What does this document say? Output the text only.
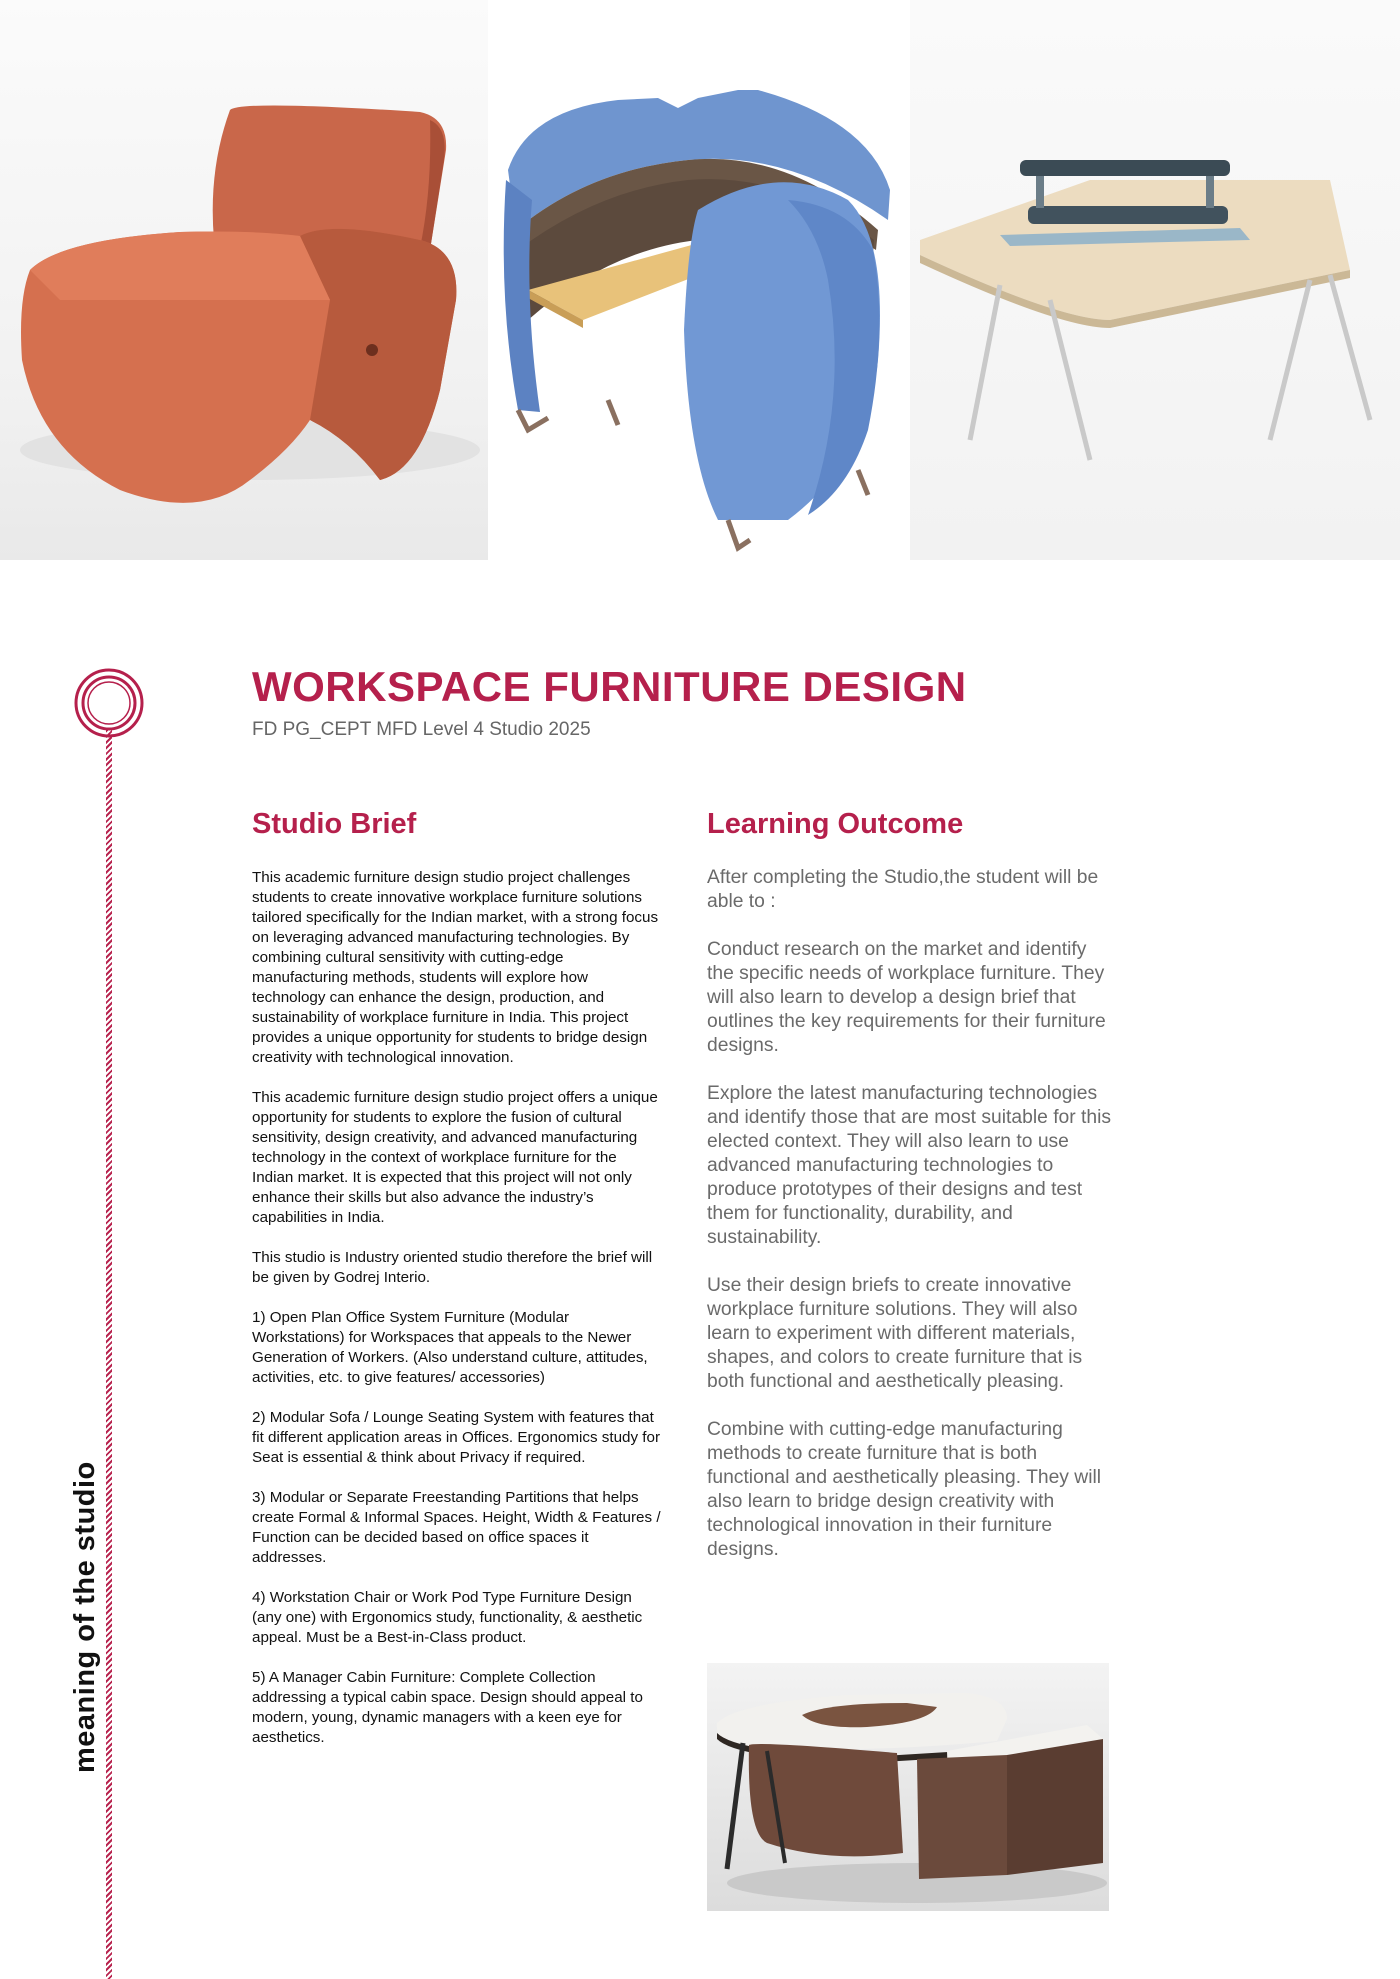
meaning of the studio
WORKSPACE FURNITURE DESIGN
FD PG_CEPT MFD Level 4 Studio 2025
Studio Brief

This academic furniture design studio project challenges students to create innovative workplace furniture solutions tailored specifically for the Indian market, with a strong focus on leveraging advanced manufacturing technologies. By combining cultural sensitivity with cutting-edge manufacturing methods, students will explore how technology can enhance the design, production, and sustainability of workplace furniture in India. This project provides a unique opportunity for students to bridge design creativity with technological innovation.

This academic furniture design studio project offers a unique opportunity for students to explore the fusion of cultural sensitivity, design creativity, and advanced manufacturing technology in the context of workplace furniture for the Indian market. It is expected that this project will not only enhance their skills but also advance the industry’s capabilities in India.

This studio is Industry oriented studio therefore the brief will be given by Godrej Interio.

1) Open Plan Office System Furniture (Modular Workstations) for Workspaces that appeals to the Newer Generation of Workers. (Also understand culture, attitudes, activities, etc. to give features/ accessories)

2) Modular Sofa / Lounge Seating System with features that fit different application areas in Offices. Ergonomics study for Seat is essential & think about Privacy if required.

3) Modular or Separate Freestanding Partitions that helps create Formal & Informal Spaces. Height, Width & Features / Function can be decided based on office spaces it addresses.

4) Workstation Chair or Work Pod Type Furniture Design (any one) with Ergonomics study, functionality, & aesthetic appeal. Must be a Best-in-Class product.

5) A Manager Cabin Furniture: Complete Collection addressing a typical cabin space. Design should appeal to modern, young, dynamic managers with a keen eye for aesthetics.

Learning Outcome

After completing the Studio,the student will be able to :

Conduct research on the market and identify the specific needs of workplace furniture. They will also learn to develop a design brief that outlines the key requirements for their furniture designs.

Explore the latest manufacturing technologies and identify those that are most suitable for this elected context. They will also learn to use advanced manufacturing technologies to produce prototypes of their designs and test them for functionality, durability, and sustainability.

Use their design briefs to create innovative workplace furniture solutions. They will also learn to experiment with different materials, shapes, and colors to create furniture that is both functional and aesthetically pleasing.

Combine with cutting-edge manufacturing methods to create furniture that is both functional and aesthetically pleasing. They will also learn to bridge design creativity with technological innovation in their furniture designs.
